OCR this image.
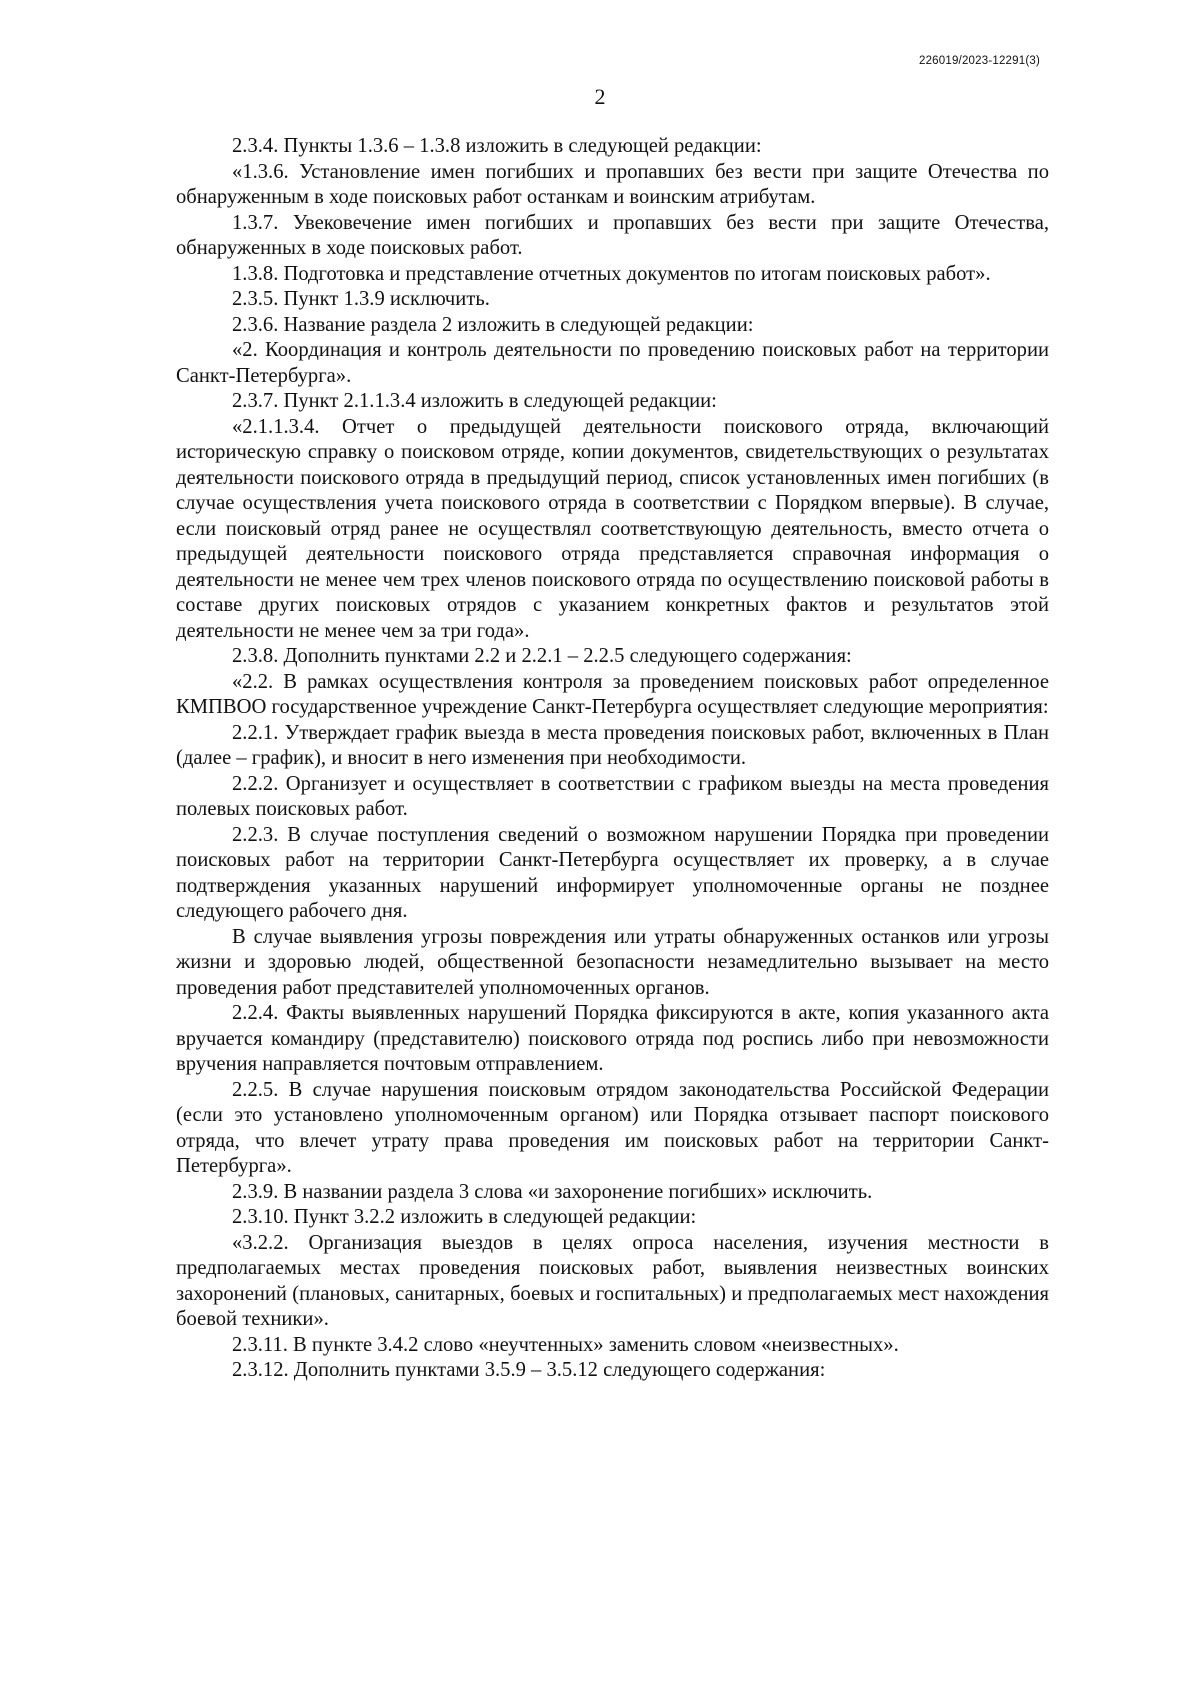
226019/2023-12291(3)
2

2.3.4. Пункты 1.3.6 – 1.3.8 изложить в следующей редакции:

«1.3.6. Установление имен погибших и пропавших без вести при защите Отечества по обнаруженным в ходе поисковых работ останкам и воинским атрибутам.

1.3.7. Увековечение имен погибших и пропавших без вести при защите Отечества, обнаруженных в ходе поисковых работ.

1.3.8. Подготовка и представление отчетных документов по итогам поисковых работ».

2.3.5. Пункт 1.3.9 исключить.

2.3.6. Название раздела 2 изложить в следующей редакции:

«2. Координация и контроль деятельности по проведению поисковых работ на территории Санкт-Петербурга».

2.3.7. Пункт 2.1.1.3.4 изложить в следующей редакции:

«2.1.1.3.4. Отчет о предыдущей деятельности поискового отряда, включающий историческую справку о поисковом отряде, копии документов, свидетельствующих о результатах деятельности поискового отряда в предыдущий период, список установленных имен погибших (в случае осуществления учета поискового отряда в соответствии с Порядком впервые). В случае, если поисковый отряд ранее не осуществлял соответствующую деятельность, вместо отчета о предыдущей деятельности поискового отряда представляется справочная информация о деятельности не менее чем трех членов поискового отряда по осуществлению поисковой работы в составе других поисковых отрядов с указанием конкретных фактов и результатов этой деятельности не менее чем за три года».

2.3.8. Дополнить пунктами 2.2 и 2.2.1 – 2.2.5 следующего содержания:

«2.2. В рамках осуществления контроля за проведением поисковых работ определенное КМПВОО государственное учреждение Санкт-Петербурга осуществляет следующие мероприятия:

2.2.1. Утверждает график выезда в места проведения поисковых работ, включенных в План (далее – график), и вносит в него изменения при необходимости.

2.2.2. Организует и осуществляет в соответствии с графиком выезды на места проведения полевых поисковых работ.

2.2.3. В случае поступления сведений о возможном нарушении Порядка при проведении поисковых работ на территории Санкт-Петербурга осуществляет их проверку, а в случае подтверждения указанных нарушений информирует уполномоченные органы не позднее следующего рабочего дня.

В случае выявления угрозы повреждения или утраты обнаруженных останков или угрозы жизни и здоровью людей, общественной безопасности незамедлительно вызывает на место проведения работ представителей уполномоченных органов.

2.2.4. Факты выявленных нарушений Порядка фиксируются в акте, копия указанного акта вручается командиру (представителю) поискового отряда под роспись либо при невозможности вручения направляется почтовым отправлением.

2.2.5. В случае нарушения поисковым отрядом законодательства Российской Федерации (если это установлено уполномоченным органом) или Порядка отзывает паспорт поискового отряда, что влечет утрату права проведения им поисковых работ на территории Санкт-Петербурга».

2.3.9. В названии раздела 3 слова «и захоронение погибших» исключить.

2.3.10. Пункт 3.2.2 изложить в следующей редакции:

«3.2.2. Организация выездов в целях опроса населения, изучения местности в предполагаемых местах проведения поисковых работ, выявления неизвестных воинских захоронений (плановых, санитарных, боевых и госпитальных) и предполагаемых мест нахождения боевой техники».

2.3.11. В пункте 3.4.2 слово «неучтенных» заменить словом «неизвестных».

2.3.12. Дополнить пунктами 3.5.9 – 3.5.12 следующего содержания:
